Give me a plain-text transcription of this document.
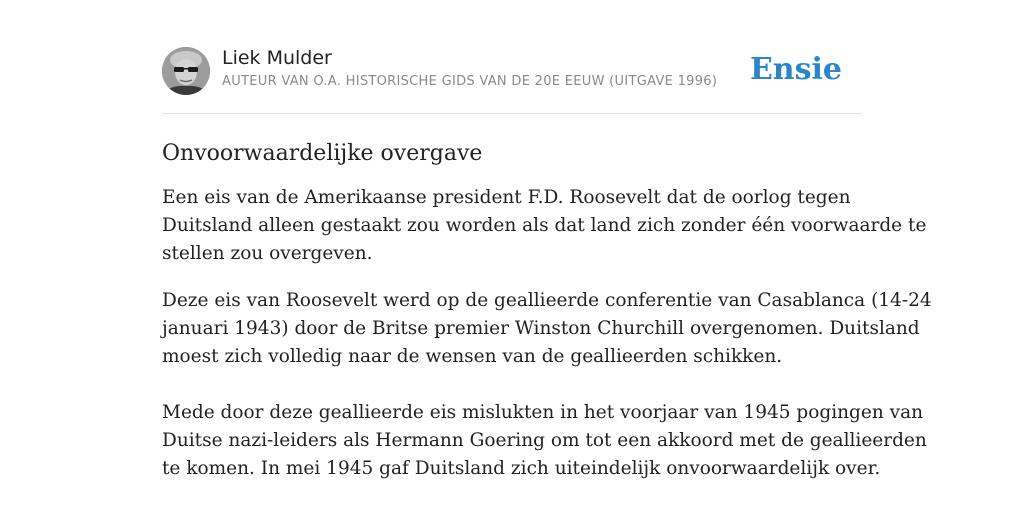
Liek Mulder
AUTEUR VAN O.A. HISTORISCHE GIDS VAN DE 20E EEUW (UITGAVE 1996) Ensie
Onvoorwaardelijke overgave

Een eis van de Amerikaanse president F.D. Roosevelt dat de oorlog tegen
Duitsland alleen gestaakt zou worden als dat land zich zonder één voorwaarde te
stellen zou overgeven.

Deze eis van Roosevelt werd op de geallieerde conferentie van Casablanca (14-24
januari 1943) door de Britse premier Winston Churchill overgenomen. Duitsland
moest zich volledig naar de wensen van de geallieerden schikken.

Mede door deze geallieerde eis mislukten in het voorjaar van 1945 pogingen van
Duitse nazi-leiders als Hermann Goering om tot een akkoord met de geallieerden
te komen. In mei 1945 gaf Duitsland zich uiteindelijk onvoorwaardelijk over.
